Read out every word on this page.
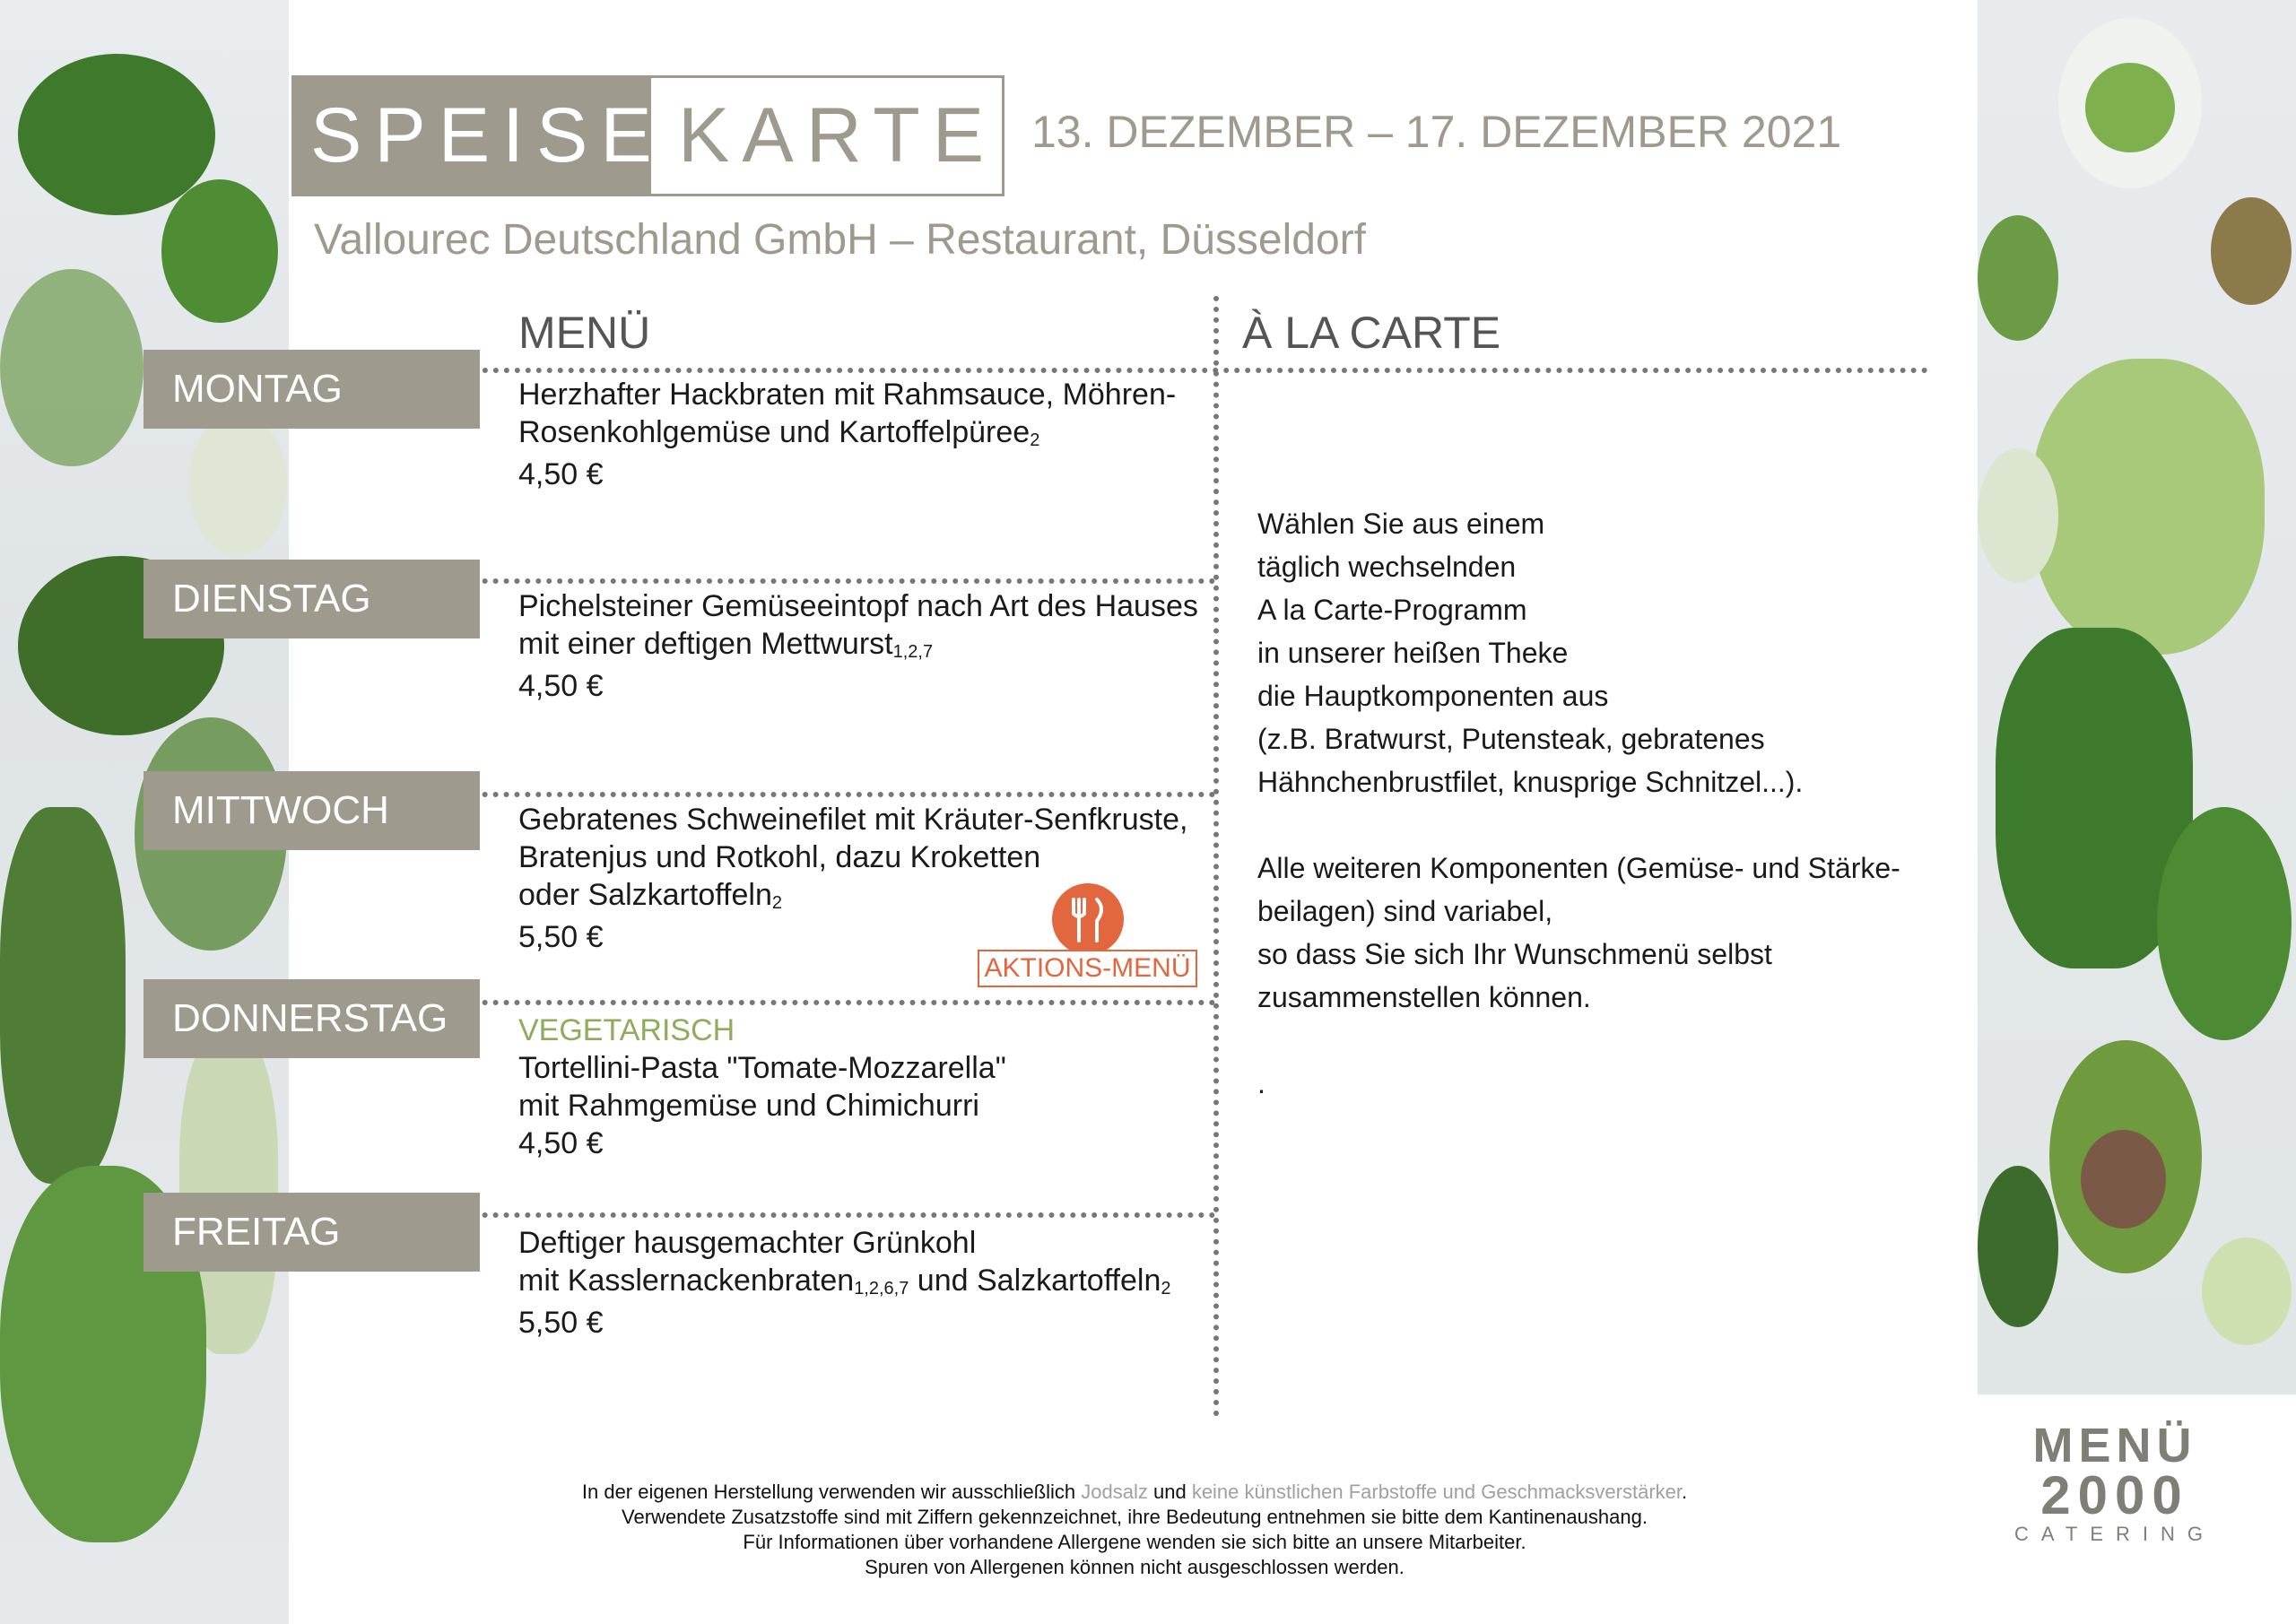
SPEISE KARTE 13. DEZEMBER – 17. DEZEMBER 2021
Vallourec Deutschland GmbH – Restaurant, Düsseldorf
MENÜ	À LA CARTE
MONTAG
DIENSTAG
MITTWOCH
DONNERSTAG
FREITAG
Herzhafter Hackbraten mit Rahmsauce, Möhren-
Rosenkohlgemüse und Kartoffelpüree$_2$

4,50 €
Pichelsteiner Gemüseeintopf nach Art des Hauses
mit einer deftigen Mettwurst$_{1,2,7}$

4,50 €
Gebratenes Schweinefilet mit Kräuter-Senfkruste,
Bratenjus und Rotkohl, dazu Kroketten
oder Salzkartoffeln$_2$

5,50 €
VEGETARISCH
Tortellini-Pasta "Tomate-Mozzarella"
mit Rahmgemüse und Chimichurri

4,50 €
Deftiger hausgemachter Grünkohl
mit Kasslernackenbraten$_{1,2,6,7}$ und Salzkartoffeln$_2$

5,50 €
AKTIONS-MENÜ

Wählen Sie aus einem

täglich wechselnden

A la Carte-Programm

in unserer heißen Theke

die Hauptkomponenten aus

(z.B. Bratwurst, Putensteak, gebratenes

Hähnchenbrustfilet, knusprige Schnitzel...).

Alle weiteren Komponenten (Gemüse- und Stärke-

beilagen) sind variabel,

so dass Sie sich Ihr Wunschmenü selbst

zusammenstellen können.

.

In der eigenen Herstellung verwenden wir ausschließlich Jodsalz und keine künstlichen Farbstoffe und Geschmacksverstärker.
Verwendete Zusatzstoffe sind mit Ziffern gekennzeichnet, ihre Bedeutung entnehmen sie bitte dem Kantinenaushang.
Für Informationen über vorhandene Allergene wenden sie sich bitte an unsere Mitarbeiter.
Spuren von Allergenen können nicht ausgeschlossen werden.
MENÜ
2000
CATERING
